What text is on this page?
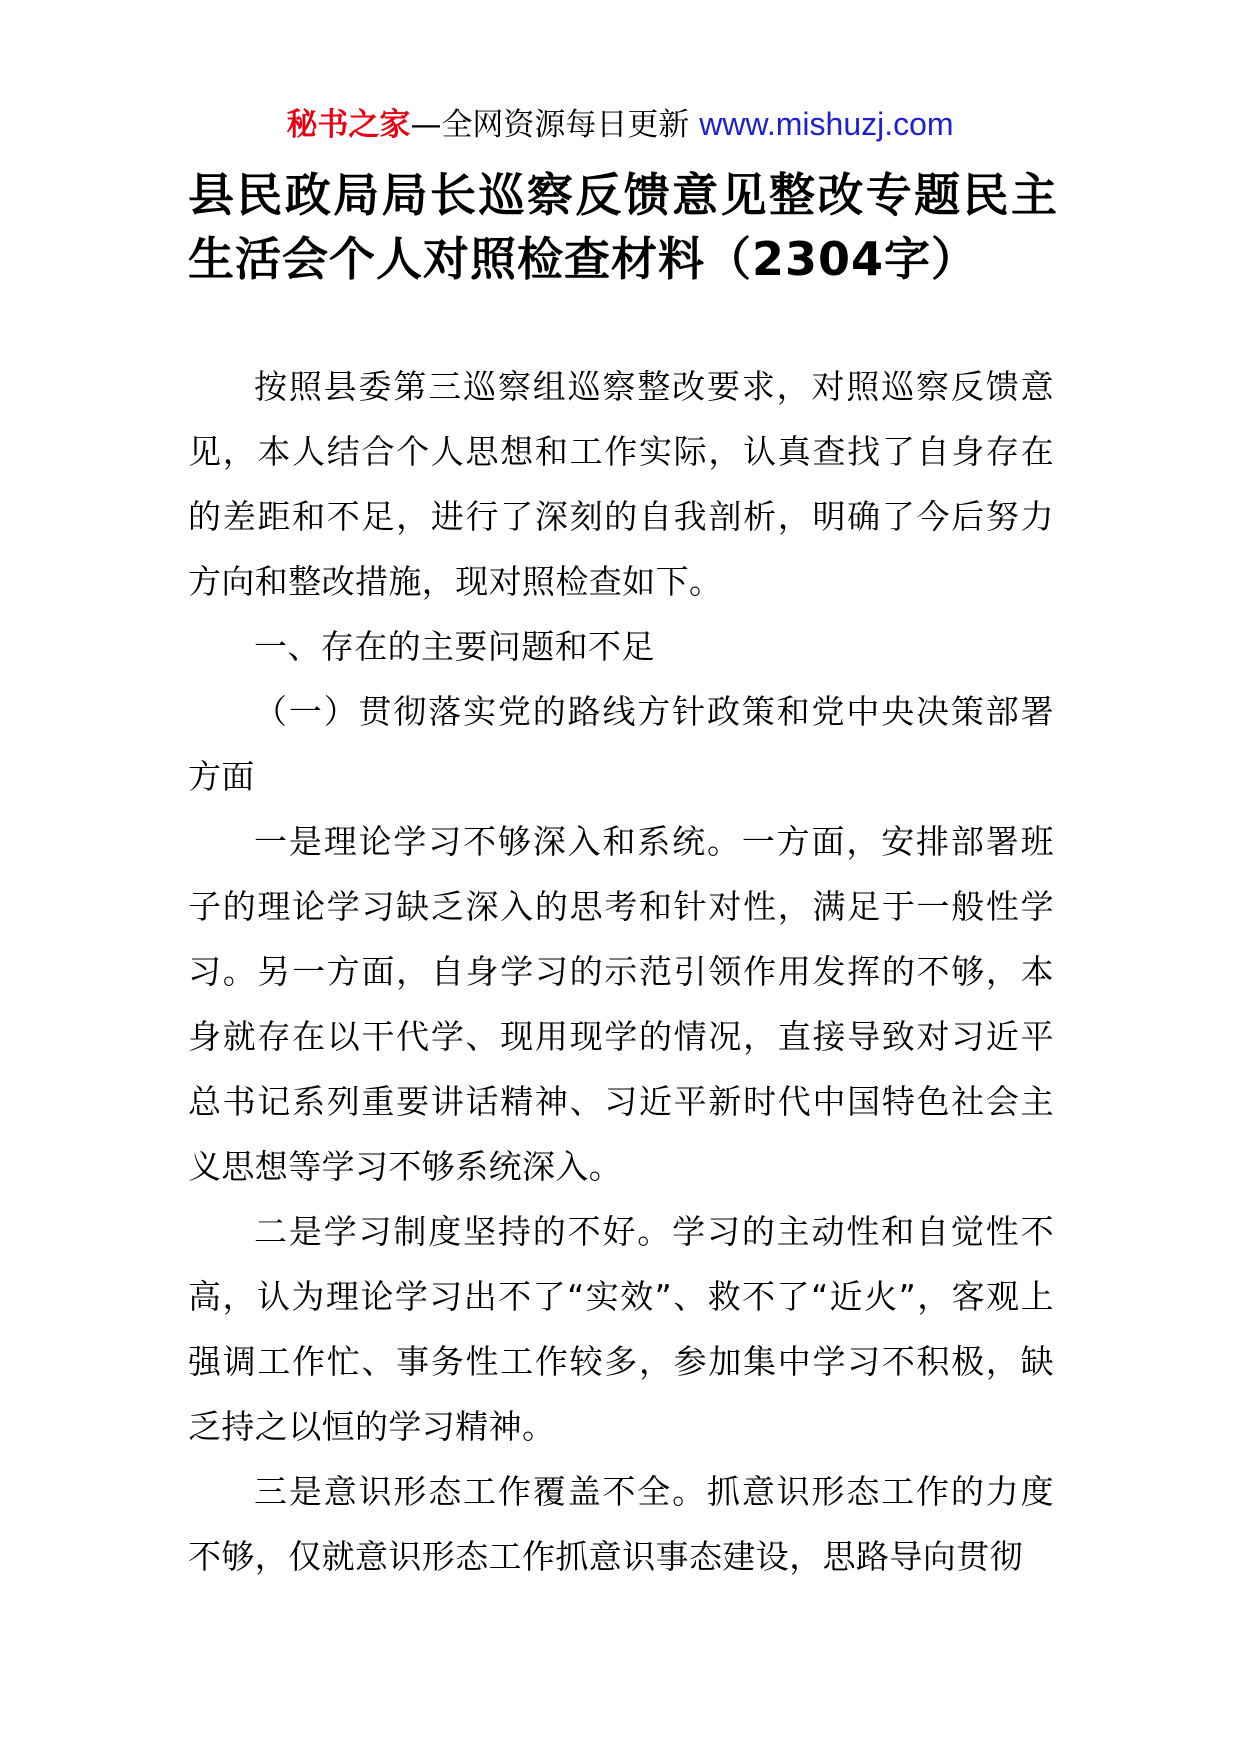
秘书之家—全网资源每日更新 www.mishuzj.com
县民政局局长巡察反馈意见整改专题民主生活会个人对照检查材料（2304字）

按照县委第三巡察组巡察整改要求，对照巡察反馈意见，本人结合个人思想和工作实际，认真查找了自身存在的差距和不足，进行了深刻的自我剖析，明确了今后努力方向和整改措施，现对照检查如下。

一、存在的主要问题和不足

（一）贯彻落实党的路线方针政策和党中央决策部署方面

一是理论学习不够深入和系统。一方面，安排部署班子的理论学习缺乏深入的思考和针对性，满足于一般性学习。另一方面，自身学习的示范引领作用发挥的不够，本身就存在以干代学、现用现学的情况，直接导致对习近平总书记系列重要讲话精神、习近平新时代中国特色社会主义思想等学习不够系统深入。

二是学习制度坚持的不好。学习的主动性和自觉性不高，认为理论学习出不了“实效”、救不了“近火”，客观上强调工作忙、事务性工作较多，参加集中学习不积极，缺乏持之以恒的学习精神。

三是意识形态工作覆盖不全。抓意识形态工作的力度不够，仅就意识形态工作抓意识事态建设，思路导向贯彻
